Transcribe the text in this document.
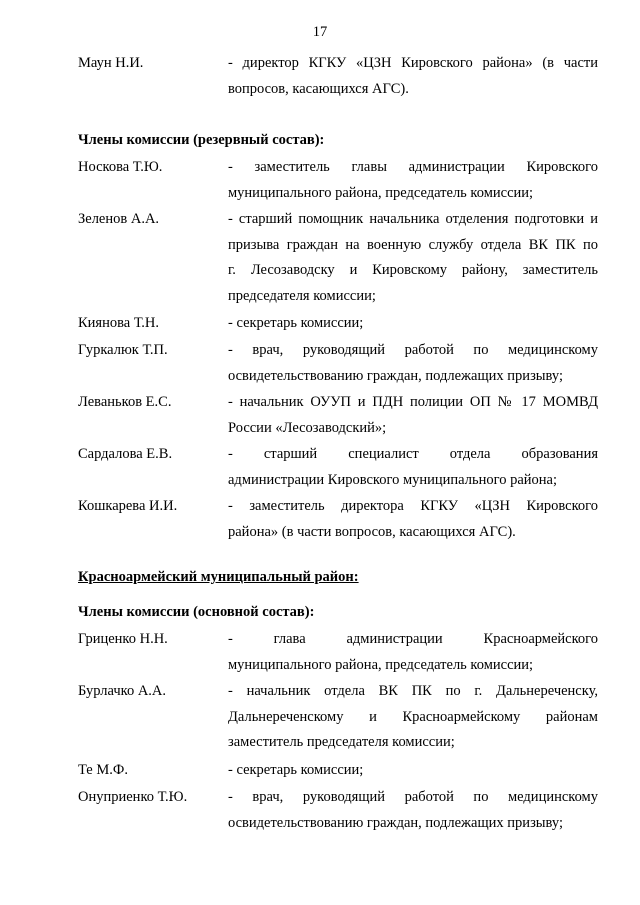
17
Маун Н.И.	- директор КГКУ «ЦЗН Кировского района» (в части
вопросов, касающихся АГС).
Члены комиссии (резервный состав):
Носкова Т.Ю.	- заместитель главы администрации Кировского
муниципального района, председатель комиссии;
Зеленов А.А.	- старший помощник начальника отделения подготовки и
призыва граждан на военную службу отдела ВК ПК по
г. Лесозаводску и Кировскому району, заместитель
председателя комиссии;
Киянова Т.Н.	- секретарь комиссии;
Гуркалюк Т.П.	- врач, руководящий работой по медицинскому
освидетельствованию граждан, подлежащих призыву;
Леваньков Е.С.	- начальник ОУУП и ПДН полиции ОП № 17 МОМВД
России «Лесозаводский»;
Сардалова Е.В.	- старший специалист отдела образования
администрации Кировского муниципального района;
Кошкарева И.И.	- заместитель директора КГКУ «ЦЗН Кировского
района» (в части вопросов, касающихся АГС).
Красноармейский муниципальный район:
Члены комиссии (основной состав):
Гриценко Н.Н.	- глава администрации Красноармейского
муниципального района, председатель комиссии;
Бурлачко А.А.	- начальник отдела ВК ПК по г. Дальнереченску,
Дальнереченскому и Красноармейскому районам
заместитель председателя комиссии;
Те М.Ф.	- секретарь комиссии;
Онуприенко Т.Ю.	- врач, руководящий работой по медицинскому
освидетельствованию граждан, подлежащих призыву;
